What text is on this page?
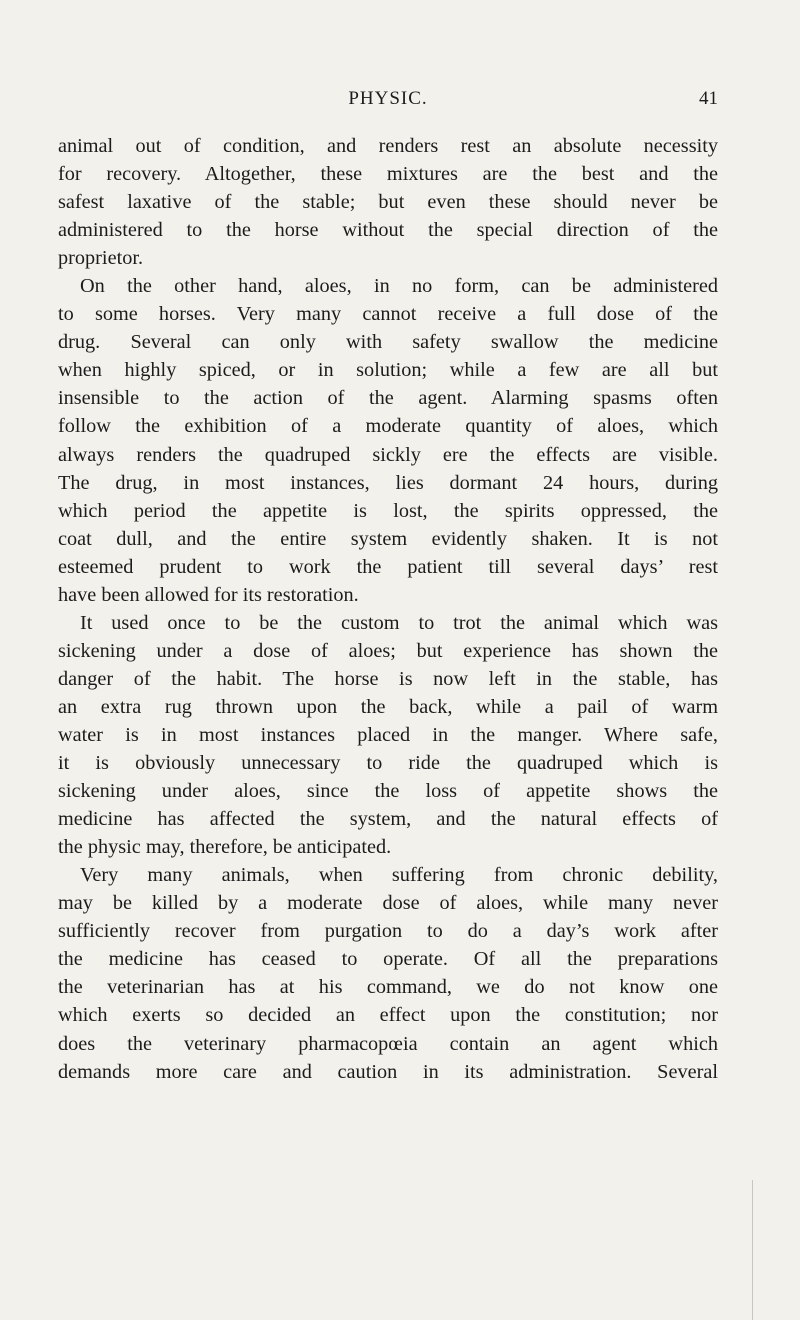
PHYSIC.	41
animal out of condition, and renders rest an absolute necessity
for recovery. Altogether, these mixtures are the best and the
safest laxative of the stable; but even these should never be
administered to the horse without the special direction of the
proprietor.
On the other hand, aloes, in no form, can be administered
to some horses. Very many cannot receive a full dose of the
drug. Several can only with safety swallow the medicine
when highly spiced, or in solution; while a few are all but
insensible to the action of the agent. Alarming spasms often
follow the exhibition of a moderate quantity of aloes, which
always renders the quadruped sickly ere the effects are visible.
The drug, in most instances, lies dormant 24 hours, during
which period the appetite is lost, the spirits oppressed, the
coat dull, and the entire system evidently shaken. It is not
esteemed prudent to work the patient till several days’ rest
have been allowed for its restoration.
It used once to be the custom to trot the animal which was
sickening under a dose of aloes; but experience has shown the
danger of the habit. The horse is now left in the stable, has
an extra rug thrown upon the back, while a pail of warm
water is in most instances placed in the manger. Where safe,
it is obviously unnecessary to ride the quadruped which is
sickening under aloes, since the loss of appetite shows the
medicine has affected the system, and the natural effects of
the physic may, therefore, be anticipated.
Very many animals, when suffering from chronic debility,
may be killed by a moderate dose of aloes, while many never
sufficiently recover from purgation to do a day’s work after
the medicine has ceased to operate. Of all the preparations
the veterinarian has at his command, we do not know one
which exerts so decided an effect upon the constitution; nor
does the veterinary pharmacopœia contain an agent which
demands more care and caution in its administration. Several
